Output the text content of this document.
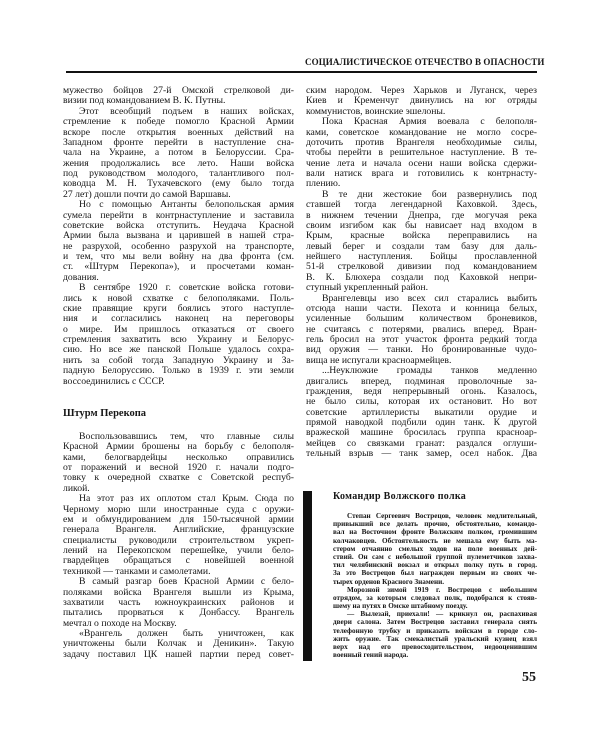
СОЦИАЛИСТИЧЕСКОЕ ОТЕЧЕСТВО В ОПАСНОСТИ
мужество бойцов 27-й Омской стрелковой ди-
визии под командованием В. К. Путны.
Этот всеобщий подъем в наших войсках,
стремление к победе помогло Красной Армии
вскоре после открытия военных действий на
Западном фронте перейти в наступление сна-
чала на Украине, а потом в Белоруссии. Сра-
жения продолжались все лето. Наши войска
под руководством молодого, талантливого пол-
ководца М. Н. Тухачевского (ему было тогда
27 лет) дошли почти до самой Варшавы.
Но с помощью Антанты белопольская армия
сумела перейти в контрнаступление и заставила
советские войска отступить. Неудача Красной
Армии была вызвана и царившей в нашей стра-
не разрухой, особенно разрухой на транспорте,
и тем, что мы вели войну на два фронта (см.
ст. «Штурм Перекопа»), и просчетами коман-
дования.
В сентябре 1920 г. советские войска готови-
лись к новой схватке с белополяками. Поль-
ские правящие круги боялись этого наступле-
ния и согласились наконец на переговоры
о мире. Им пришлось отказаться от своего
стремления захватить всю Украину и Белорус-
сию. Но все же панской Польше удалось сохра-
нить за собой тогда Западную Украину и За-
падную Белоруссию. Только в 1939 г. эти земли
воссоединились с СССР.
Штурм Перекопа
Воспользовавшись тем, что главные силы
Красной Армии брошены на борьбу с белополя-
ками, белогвардейцы несколько оправились
от поражений и весной 1920 г. начали подго-
товку к очередной схватке с Советской респуб-
ликой.
На этот раз их оплотом стал Крым. Сюда по
Черному морю шли иностранные суда с оружи-
ем и обмундированием для 150-тысячной армии
генерала Врангеля. Английские, французские
специалисты руководили строительством укреп-
лений на Перекопском перешейке, учили бело-
гвардейцев обращаться с новейшей военной
техникой — танками и самолетами.
В самый разгар боев Красной Армии с бело-
поляками войска Врангеля вышли из Крыма,
захватили часть южноукраинских районов и
пытались прорваться к Донбассу. Врангель
мечтал о походе на Москву.
«Врангель должен быть уничтожен, как
уничтожены были Колчак и Деникин». Такую
задачу поставил ЦК нашей партии перед совет-
ским народом. Через Харьков и Луганск, через
Киев и Кременчуг двинулись на юг отряды
коммунистов, воинские эшелоны.
Пока Красная Армия воевала с белополя-
ками, советское командование не могло сосре-
доточить против Врангеля необходимые силы,
чтобы перейти в решительное наступление. В те-
чение лета и начала осени наши войска сдержи-
вали натиск врага и готовились к контрнасту-
плению.
В те дни жестокие бои развернулись под
ставшей тогда легендарной Каховкой. Здесь,
в нижнем течении Днепра, где могучая река
своим изгибом как бы нависает над входом в
Крым, красные войска переправились на
левый берег и создали там базу для даль-
нейшего наступления. Бойцы прославленной
51-й стрелковой дивизии под командованием
В. К. Блюхера создали под Каховкой непри-
ступный укрепленный район.
Врангелевцы изо всех сил старались выбить
отсюда наши части. Пехота и конница белых,
усиленные большим количеством броневиков,
не считаясь с потерями, рвались вперед. Вран-
гель бросил на этот участок фронта редкий тогда
вид оружия — танки. Но бронированные чудо-
вища не испугали красноармейцев.
...Неуклюжие громады танков медленно
двигались вперед, подминая проволочные за-
граждения, ведя непрерывный огонь. Казалось,
не было силы, которая их остановит. Но вот
советские артиллеристы выкатили орудие и
прямой наводкой подбили один танк. К другой
вражеской машине бросилась группа красноар-
мейцев со связками гранат: раздался оглуши-
тельный взрыв — танк замер, осел набок. Два
Командир Волжского полка
Степан Сергеевич Вострецов, человек медлительный,
привыкший все делать прочно, обстоятельно, командо-
вал на Восточном фронте Волжским полком, громившим
колчаковцев. Обстоятельность не мешала ему быть ма-
стером отчаянно смелых ходов на поле военных дей-
ствий. Он сам с небольшой группой пулеметчиков захва-
тил челябинский вокзал и открыл полку путь в город.
За это Вострецов был награжден первым из своих че-
тырех орденов Красного Знамени.
Морозной зимой 1919 г. Вострецов с небольшим
отрядом, за которым следовал полк, подобрался к стояв-
шему на путях в Омске штабному поезду.
— Вылезай, приехали! — крикнул он, распахивая
двери салона. Затем Вострецов заставил генерала снять
телефонную трубку и приказать войскам в городе сло-
жить оружие. Так смекалистый уральский кузнец взял
верх над его превосходительством, недооценившим
военный гений народа.
55
